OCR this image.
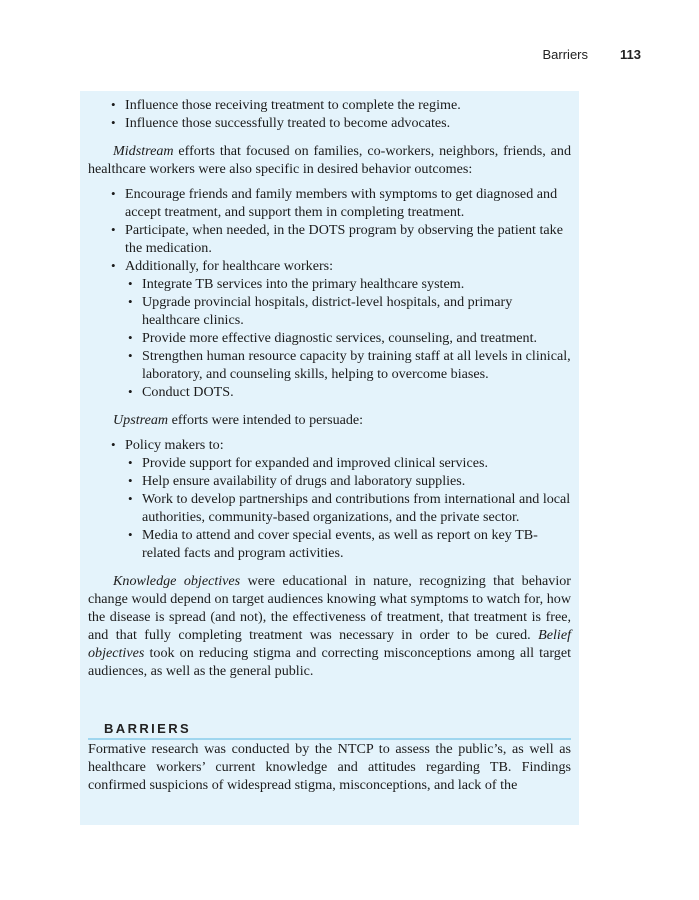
Barriers 113
• Influence those receiving treatment to complete the regime.
• Influence those successfully treated to become advocates.

Midstream efforts that focused on families, co-workers, neighbors, friends, and healthcare workers were also specific in desired behavior outcomes:

• Encourage friends and family members with symptoms to get diagnosed and accept treatment, and support them in completing treatment.
• Participate, when needed, in the DOTS program by observing the patient take the medication.
• Additionally, for healthcare workers:
• Integrate TB services into the primary healthcare system.
• Upgrade provincial hospitals, district-level hospitals, and primary healthcare clinics.
• Provide more effective diagnostic services, counseling, and treatment.
• Strengthen human resource capacity by training staff at all levels in clinical, laboratory, and counseling skills, helping to overcome biases.
• Conduct DOTS.

Upstream efforts were intended to persuade:

• Policy makers to:
• Provide support for expanded and improved clinical services.
• Help ensure availability of drugs and laboratory supplies.
• Work to develop partnerships and contributions from international and local authorities, community-based organizations, and the private sector.
• Media to attend and cover special events, as well as report on key TB-related facts and program activities.

Knowledge objectives were educational in nature, recognizing that behavior change would depend on target audiences knowing what symptoms to watch for, how the disease is spread (and not), the effectiveness of treatment, that treatment is free, and that fully completing treatment was necessary in order to be cured. Belief objectives took on reducing stigma and correcting misconceptions among all target audiences, as well as the general public.

BARRIERS

Formative research was conducted by the NTCP to assess the public’s, as well as healthcare workers’ current knowledge and attitudes regarding TB. Findings confirmed suspicions of widespread stigma, misconceptions, and lack of the
